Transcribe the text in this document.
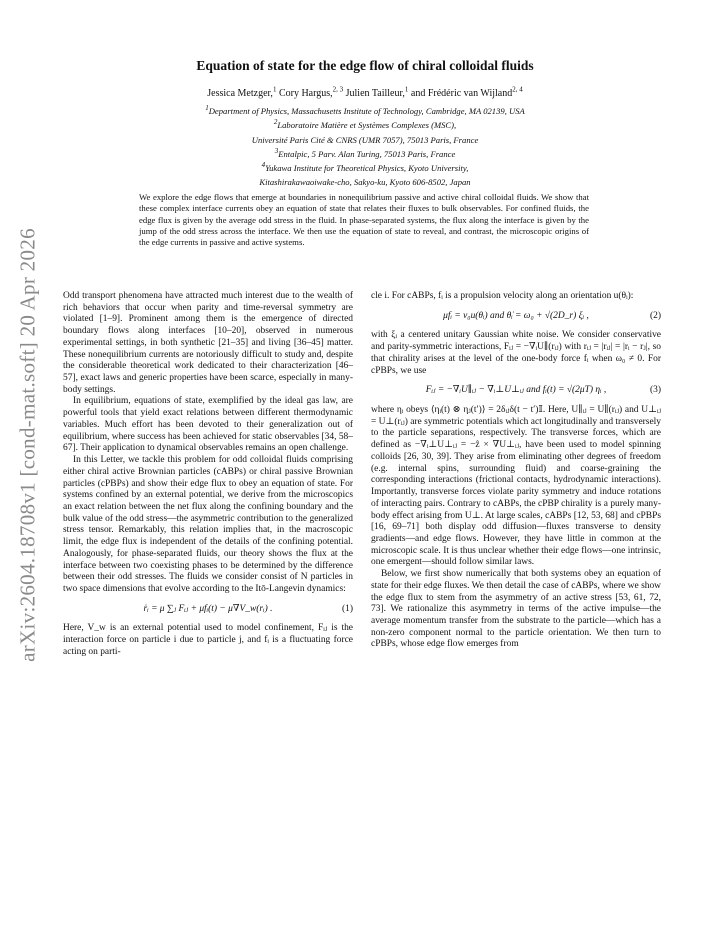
arXiv:2604.18708v1 [cond-mat.soft] 20 Apr 2026
Equation of state for the edge flow of chiral colloidal fluids
Jessica Metzger,$^1$ Cory Hargus,$^{2, 3}$ Julien Tailleur,$^1$ and Frédéric van Wijland$^{2, 4}$
$^1$Department of Physics, Massachusetts Institute of Technology, Cambridge, MA 02139, USA
$^2$Laboratoire Matière et Systèmes Complexes (MSC),
Université Paris Cité & CNRS (UMR 7057), 75013 Paris, France
$^3$Entalpic, 5 Parv. Alan Turing, 75013 Paris, France
$^4$Yukawa Institute for Theoretical Physics, Kyoto University,
Kitashirakawaoiwake-cho, Sakyo-ku, Kyoto 606-8502, Japan
We explore the edge flows that emerge at boundaries in nonequilibrium passive and active chiral colloidal fluids. We show that these complex interface currents obey an equation of state that relates their fluxes to bulk observables. For confined fluids, the edge flux is given by the average odd stress in the fluid. In phase-separated systems, the flux along the interface is given by the jump of the odd stress across the interface. We then use the equation of state to reveal, and contrast, the microscopic origins of the edge currents in passive and active systems.

Odd transport phenomena have attracted much interest due to the wealth of rich behaviors that occur when parity and time-reversal symmetry are violated [1–9]. Prominent among them is the emergence of directed boundary flows along interfaces [10–20], observed in numerous experimental settings, in both synthetic [21–35] and living [36–45] matter. These nonequilibrium currents are notoriously difficult to study and, despite the considerable theoretical work dedicated to their characterization [46–57], exact laws and generic properties have been scarce, especially in many-body settings.

In equilibrium, equations of state, exemplified by the ideal gas law, are powerful tools that yield exact relations between different thermodynamic variables. Much effort has been devoted to their generalization out of equilibrium, where success has been achieved for static observables [34, 58–67]. Their application to dynamical observables remains an open challenge.

In this Letter, we tackle this problem for odd colloidal fluids comprising either chiral active Brownian particles (cABPs) or chiral passive Brownian particles (cPBPs) and show their edge flux to obey an equation of state. For systems confined by an external potential, we derive from the microscopics an exact relation between the net flux along the confining boundary and the bulk value of the odd stress—the asymmetric contribution to the generalized stress tensor. Remarkably, this relation implies that, in the macroscopic limit, the edge flux is independent of the details of the confining potential. Analogously, for phase-separated fluids, our theory shows the flux at the interface between two coexisting phases to be determined by the difference between their odd stresses. The fluids we consider consist of N particles in two space dimensions that evolve according to the Itō-Langevin dynamics:

ṙᵢ = μ ∑ⱼ Fᵢⱼ + μfᵢ(t) − μ∇V_w(rᵢ) .	(1)

Here, V_w is an external potential used to model confinement, Fᵢⱼ is the interaction force on particle i due to particle j, and fᵢ is a fluctuating force acting on parti-

cle i. For cABPs, fᵢ is a propulsion velocity along an orientation u(θᵢ):

μfᵢ = v₀u(θᵢ) and θ̇ᵢ = ω₀ + √(2D_r) ξᵢ ,	(2)

with ξᵢ a centered unitary Gaussian white noise. We consider conservative and parity-symmetric interactions, Fᵢⱼ = −∇ᵢU∥(rᵢⱼ) with rᵢⱼ = |rᵢⱼ| = |rᵢ − rⱼ|, so that chirality arises at the level of the one-body force fᵢ when ω₀ ≠ 0. For cPBPs, we use

Fᵢⱼ = −∇ᵢU∥ᵢⱼ − ∇ᵢ⊥U⊥ᵢⱼ and fᵢ(t) = √(2μT) ηᵢ ,	(3)

where ηᵢ obeys ⟨ηᵢ(t) ⊗ ηⱼ(t′)⟩ = 2δᵢⱼδ(t − t′)𝕀. Here, U∥ᵢⱼ = U∥(rᵢⱼ) and U⊥ᵢⱼ = U⊥(rᵢⱼ) are symmetric potentials which act longitudinally and transversely to the particle separations, respectively. The transverse forces, which are defined as −∇ᵢ⊥U⊥ᵢⱼ = −ẑ × ∇U⊥ᵢⱼ, have been used to model spinning colloids [26, 30, 39]. They arise from eliminating other degrees of freedom (e.g. internal spins, surrounding fluid) and coarse-graining the corresponding interactions (frictional contacts, hydrodynamic interactions). Importantly, transverse forces violate parity symmetry and induce rotations of interacting pairs. Contrary to cABPs, the cPBP chirality is a purely many-body effect arising from U⊥. At large scales, cABPs [12, 53, 68] and cPBPs [16, 69–71] both display odd diffusion—fluxes transverse to density gradients—and edge flows. However, they have little in common at the microscopic scale. It is thus unclear whether their edge flows—one intrinsic, one emergent—should follow similar laws.

Below, we first show numerically that both systems obey an equation of state for their edge fluxes. We then detail the case of cABPs, where we show the edge flux to stem from the asymmetry of an active stress [53, 61, 72, 73]. We rationalize this asymmetry in terms of the active impulse—the average momentum transfer from the substrate to the particle—which has a non-zero component normal to the particle orientation. We then turn to cPBPs, whose edge flow emerges from
